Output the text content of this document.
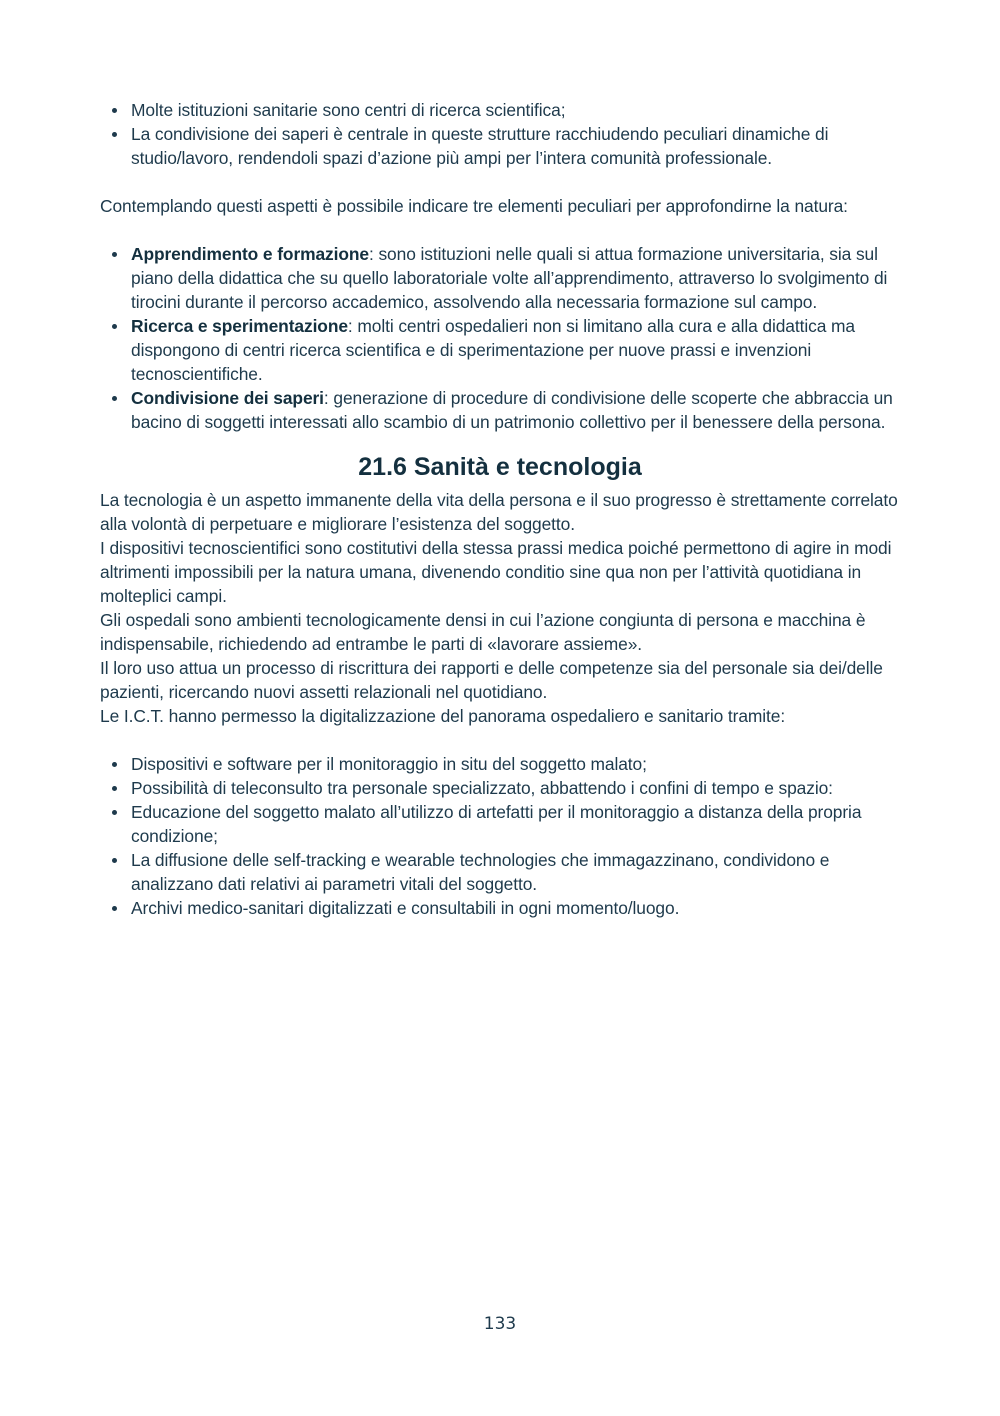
Molte istituzioni sanitarie sono centri di ricerca scientifica;
La condivisione dei saperi è centrale in queste strutture racchiudendo peculiari dinamiche di studio/lavoro, rendendoli spazi d’azione più ampi per l’intera comunità professionale.

Contemplando questi aspetti è possibile indicare tre elementi peculiari per approfondirne la natura:

Apprendimento e formazione: sono istituzioni nelle quali si attua formazione universitaria, sia sul piano della didattica che su quello laboratoriale volte all’apprendimento, attraverso lo svolgimento di tirocini durante il percorso accademico, assolvendo alla necessaria formazione sul campo.
Ricerca e sperimentazione: molti centri ospedalieri non si limitano alla cura e alla didattica ma dispongono di centri ricerca scientifica e di sperimentazione per nuove prassi e invenzioni tecnoscientifiche.
Condivisione dei saperi: generazione di procedure di condivisione delle scoperte che abbraccia un bacino di soggetti interessati allo scambio di un patrimonio collettivo per il benessere della persona.
21.6 Sanità e tecnologia

La tecnologia è un aspetto immanente della vita della persona e il suo progresso è strettamente correlato alla volontà di perpetuare e migliorare l’esistenza del soggetto.

I dispositivi tecnoscientifici sono costitutivi della stessa prassi medica poiché permettono di agire in modi altrimenti impossibili per la natura umana, divenendo conditio sine qua non per l’attività quotidiana in molteplici campi.

Gli ospedali sono ambienti tecnologicamente densi in cui l’azione congiunta di persona e macchina è indispensabile, richiedendo ad entrambe le parti di «lavorare assieme».

Il loro uso attua un processo di riscrittura dei rapporti e delle competenze sia del personale sia dei/delle pazienti, ricercando nuovi assetti relazionali nel quotidiano.

Le I.C.T. hanno permesso la digitalizzazione del panorama ospedaliero e sanitario tramite:

Dispositivi e software per il monitoraggio in situ del soggetto malato;
Possibilità di teleconsulto tra personale specializzato, abbattendo i confini di tempo e spazio:
Educazione del soggetto malato all’utilizzo di artefatti per il monitoraggio a distanza della propria condizione;
La diffusione delle self-tracking e wearable technologies che immagazzinano, condividono e analizzano dati relativi ai parametri vitali del soggetto.
Archivi medico-sanitari digitalizzati e consultabili in ogni momento/luogo.
133
